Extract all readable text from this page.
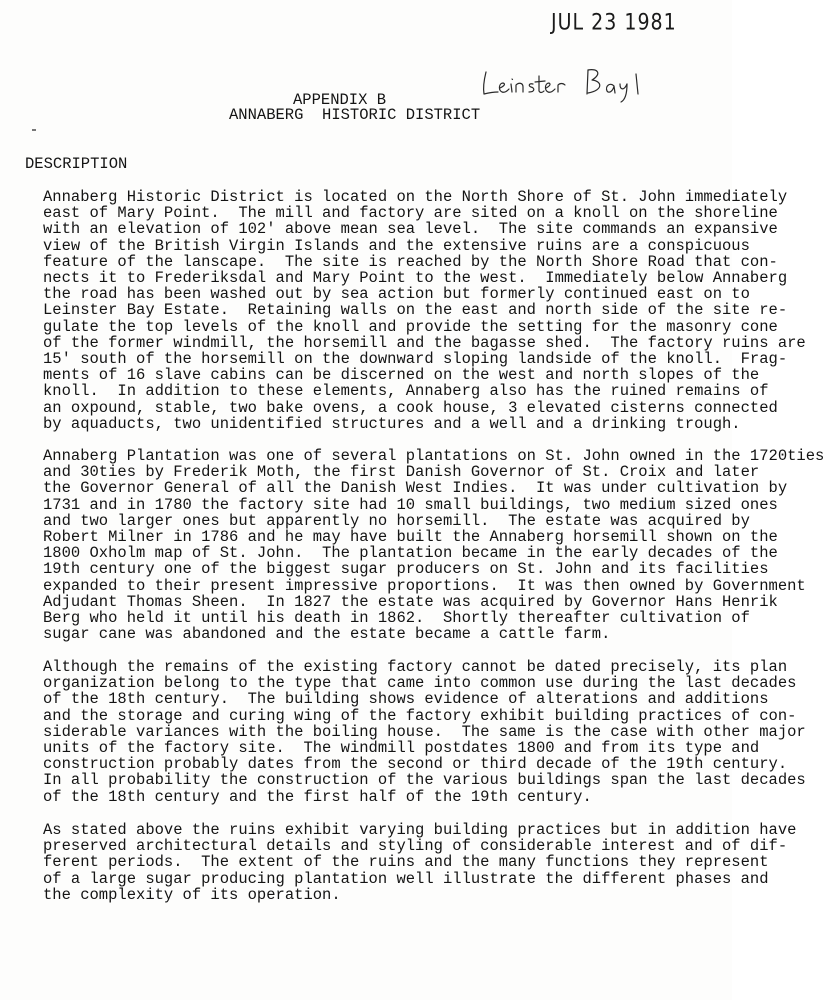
JUL 23 1981
APPENDIX B
ANNABERG  HISTORIC DISTRICT
DESCRIPTION

Annaberg Historic District is located on the North Shore of St. John immediately
east of Mary Point.  The mill and factory are sited on a knoll on the shoreline
with an elevation of 102' above mean sea level.  The site commands an expansive
view of the British Virgin Islands and the extensive ruins are a conspicuous
feature of the lanscape.  The site is reached by the North Shore Road that con-
nects it to Frederiksdal and Mary Point to the west.  Immediately below Annaberg
the road has been washed out by sea action but formerly continued east on to
Leinster Bay Estate.  Retaining walls on the east and north side of the site re-
gulate the top levels of the knoll and provide the setting for the masonry cone
of the former windmill, the horsemill and the bagasse shed.  The factory ruins are
15' south of the horsemill on the downward sloping landside of the knoll.  Frag-
ments of 16 slave cabins can be discerned on the west and north slopes of the
knoll.  In addition to these elements, Annaberg also has the ruined remains of
an oxpound, stable, two bake ovens, a cook house, 3 elevated cisterns connected
by aquaducts, two unidentified structures and a well and a drinking trough.

Annaberg Plantation was one of several plantations on St. John owned in the 1720ties
and 30ties by Frederik Moth, the first Danish Governor of St. Croix and later
the Governor General of all the Danish West Indies.  It was under cultivation by
1731 and in 1780 the factory site had 10 small buildings, two medium sized ones
and two larger ones but apparently no horsemill.  The estate was acquired by
Robert Milner in 1786 and he may have built the Annaberg horsemill shown on the
1800 Oxholm map of St. John.  The plantation became in the early decades of the
19th century one of the biggest sugar producers on St. John and its facilities
expanded to their present impressive proportions.  It was then owned by Government
Adjudant Thomas Sheen.  In 1827 the estate was acquired by Governor Hans Henrik
Berg who held it until his death in 1862.  Shortly thereafter cultivation of
sugar cane was abandoned and the estate became a cattle farm.

Although the remains of the existing factory cannot be dated precisely, its plan
organization belong to the type that came into common use during the last decades
of the 18th century.  The building shows evidence of alterations and additions
and the storage and curing wing of the factory exhibit building practices of con-
siderable variances with the boiling house.  The same is the case with other major
units of the factory site.  The windmill postdates 1800 and from its type and
construction probably dates from the second or third decade of the 19th century.
In all probability the construction of the various buildings span the last decades
of the 18th century and the first half of the 19th century.

As stated above the ruins exhibit varying building practices but in addition have
preserved architectural details and styling of considerable interest and of dif-
ferent periods.  The extent of the ruins and the many functions they represent
of a large sugar producing plantation well illustrate the different phases and
the complexity of its operation.
